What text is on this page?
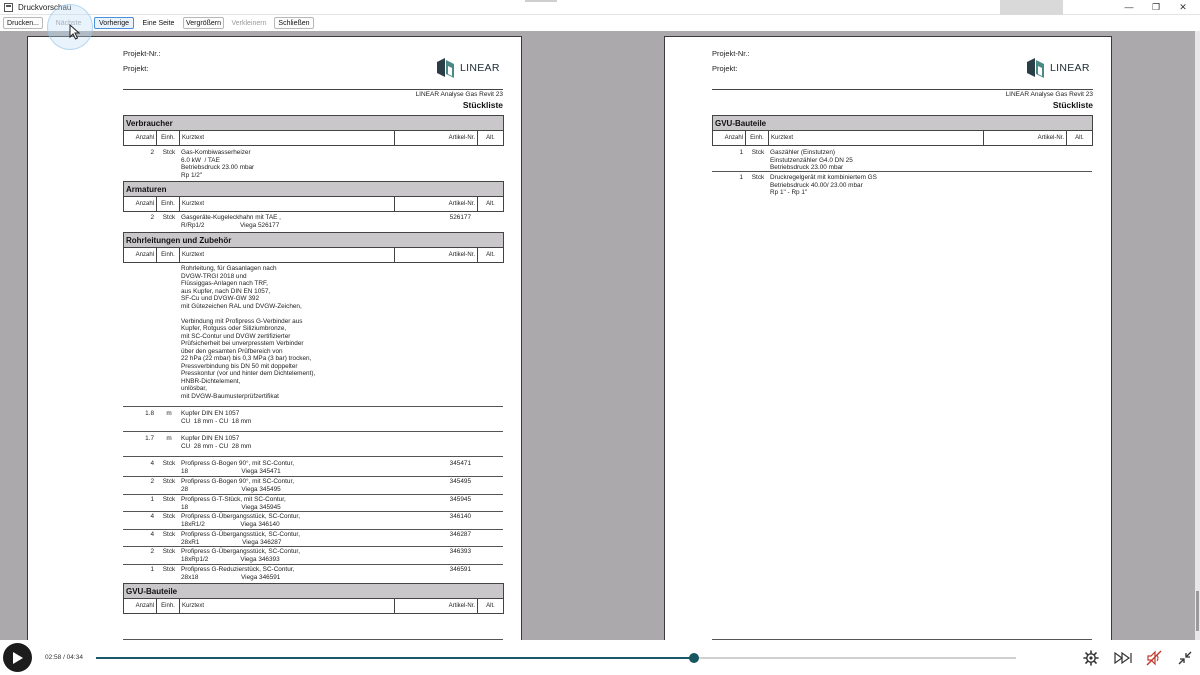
Druckvorschau	—	❐	✕
Drucken...	Nächste	Vorherige	Eine Seite	Vergrößern	Verkleinern	Schließen
Projekt-Nr.:
Projekt:	LINEAR
LINEAR Analyse Gas Revit 23
Stückliste
Verbraucher
Anzahl	Einh.	Kurztext	Artikel-Nr.	Alt.
2	Stck Gas-Kombiwasserheizer
6.0 kW  / TAE
Betriebsdruck 23.00 mbar
Rp 1/2"
Armaturen
Anzahl	Einh.	Kurztext	Artikel-Nr.	Alt.
2	Stck Gasgeräte-Kugeleckhahn mit TAE ,
R/Rp1/2                    Viega 526177
526177
Rohrleitungen und Zubehör
Anzahl	Einh.	Kurztext	Artikel-Nr.	Alt.
Rohrleitung, für Gasanlagen nach
DVGW-TRGI 2018 und
Flüssiggas-Anlagen nach TRF,
aus Kupfer, nach DIN EN 1057,
SF-Cu und DVGW-GW 392
mit Gütezeichen RAL und DVGW-Zeichen,

Verbindung mit Profipress G-Verbinder aus
Kupfer, Rotguss oder Siliziumbronze,
mit SC-Contur und DVGW zertifizierter
Prüfsicherheit bei unverpresstem Verbinder
über den gesamten Prüfbereich von
22 hPa (22 mbar) bis 0,3 MPa (3 bar) trocken,
Pressverbindung bis DN 50 mit doppelter
Presskontur (vor und hinter dem Dichtelement),
HNBR-Dichtelement,
unlösbar,
mit DVGW-Baumusterprüfzertifikat
1.8	m	Kupfer DIN EN 1057
CU  18 mm - CU  18 mm
1.7	m	Kupfer DIN EN 1057
CU  28 mm - CU  28 mm
4	Stck Profipress G-Bogen 90°, mit SC-Contur,
18                              Viega 345471
345471
2	Stck Profipress G-Bogen 90°, mit SC-Contur,
28                              Viega 345495
345495
1	Stck Profipress G-T-Stück, mit SC-Contur,
18                              Viega 345945
345945
4	Stck Profipress G-Übergangsstück, SC-Contur,
18xR1/2                    Viega 346140
346140
4	Stck Profipress G-Übergangsstück, SC-Contur,
28xR1                        Viega 346287
346287
2	Stck Profipress G-Übergangsstück, SC-Contur,
18xRp1/2                  Viega 346393
346393
1	Stck Profipress G-Reduzierstück, SC-Contur,
28x18                        Viega 346591
346591
GVU-Bauteile
Anzahl	Einh.	Kurztext	Artikel-Nr.	Alt.
Projekt-Nr.:
Projekt:	LINEAR
LINEAR Analyse Gas Revit 23
Stückliste
GVU-Bauteile
Anzahl	Einh.	Kurztext	Artikel-Nr.	Alt.
1	Stck Gaszähler (Einstutzen)
Einstutzenzähler G4.0 DN 25
Betriebsdruck 23.00 mbar
1	Stck Druckregelgerät mit kombiniertem GS
Betriebsdruck 40.00/ 23.00 mbar
Rp 1" - Rp 1"
02:58 / 04:34
